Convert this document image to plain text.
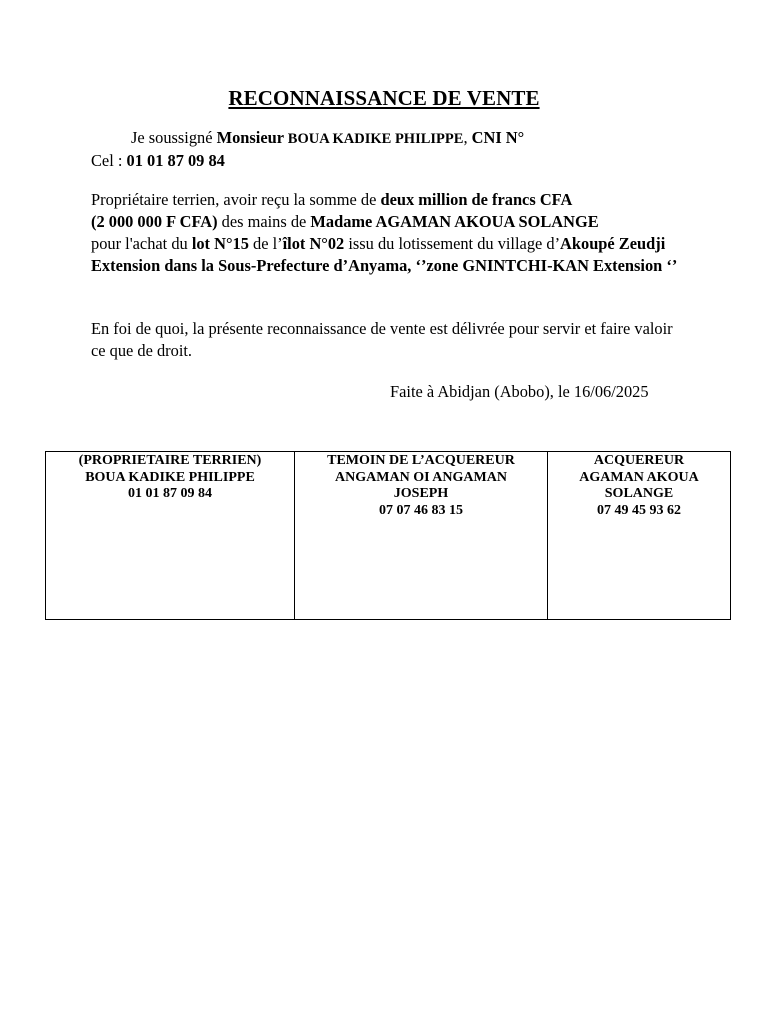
RECONNAISSANCE DE VENTE
Je soussigné Monsieur BOUA KADIKE PHILIPPE, CNI N°
Cel : 01 01 87 09 84
Propriétaire terrien, avoir reçu la somme de deux million de francs CFA
(2 000 000 F CFA) des mains de Madame AGAMAN AKOUA SOLANGE
pour l'achat du lot N°15 de l’îlot N°02 issu du lotissement du village d’Akoupé Zeudji Extension dans la Sous-Prefecture d’Anyama, ‘’zone GNINTCHI-KAN Extension ‘’
En foi de quoi, la présente reconnaissance de vente est délivrée pour servir et faire valoir ce que de droit.
Faite à Abidjan (Abobo), le 16/06/2025
(PROPRIETAIRE TERRIEN)
BOUA KADIKE PHILIPPE
01 01 87 09 84

TEMOIN DE L’ACQUEREUR
ANGAMAN OI ANGAMAN
JOSEPH
07 07 46 83 15

ACQUEREUR
AGAMAN AKOUA
SOLANGE
07 49 45 93 62
